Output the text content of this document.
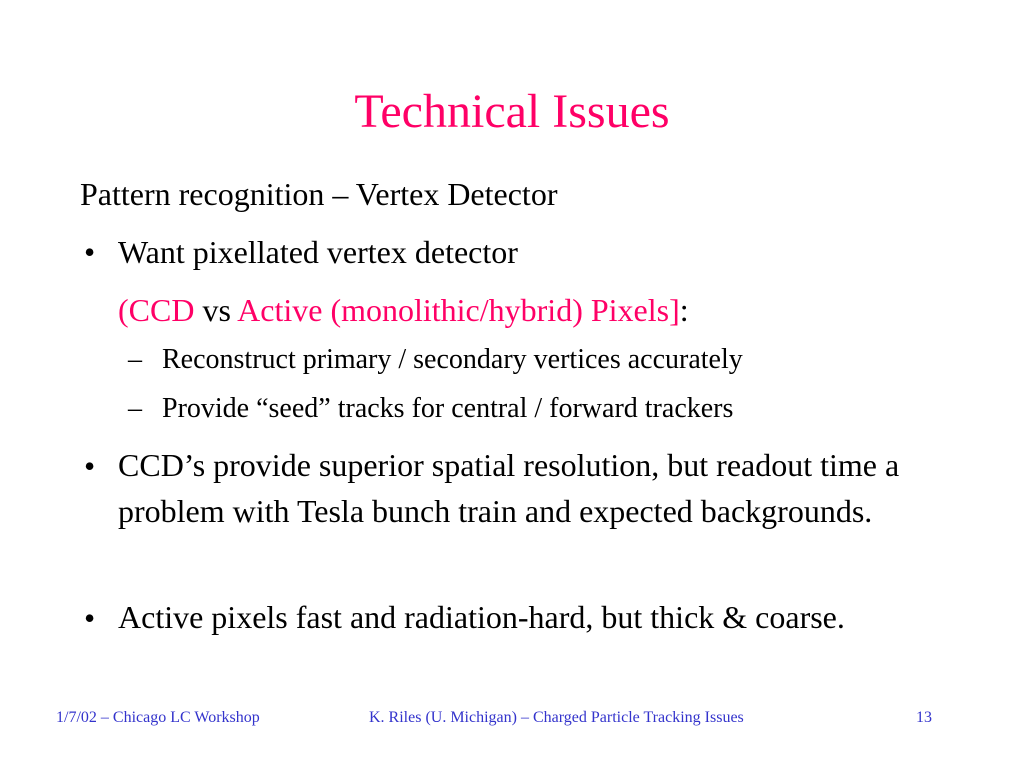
Technical Issues
Pattern recognition – Vertex Detector
• Want pixellated vertex detector
(CCD vs Active (monolithic/hybrid) Pixels]:
– Reconstruct primary / secondary vertices accurately
– Provide “seed” tracks for central / forward trackers
• CCD’s provide superior spatial resolution, but readout time a problem with Tesla bunch train and expected backgrounds.
• Active pixels fast and radiation-hard, but thick & coarse.
1/7/02 – Chicago LC Workshop	K. Riles (U. Michigan) – Charged Particle Tracking Issues	13
